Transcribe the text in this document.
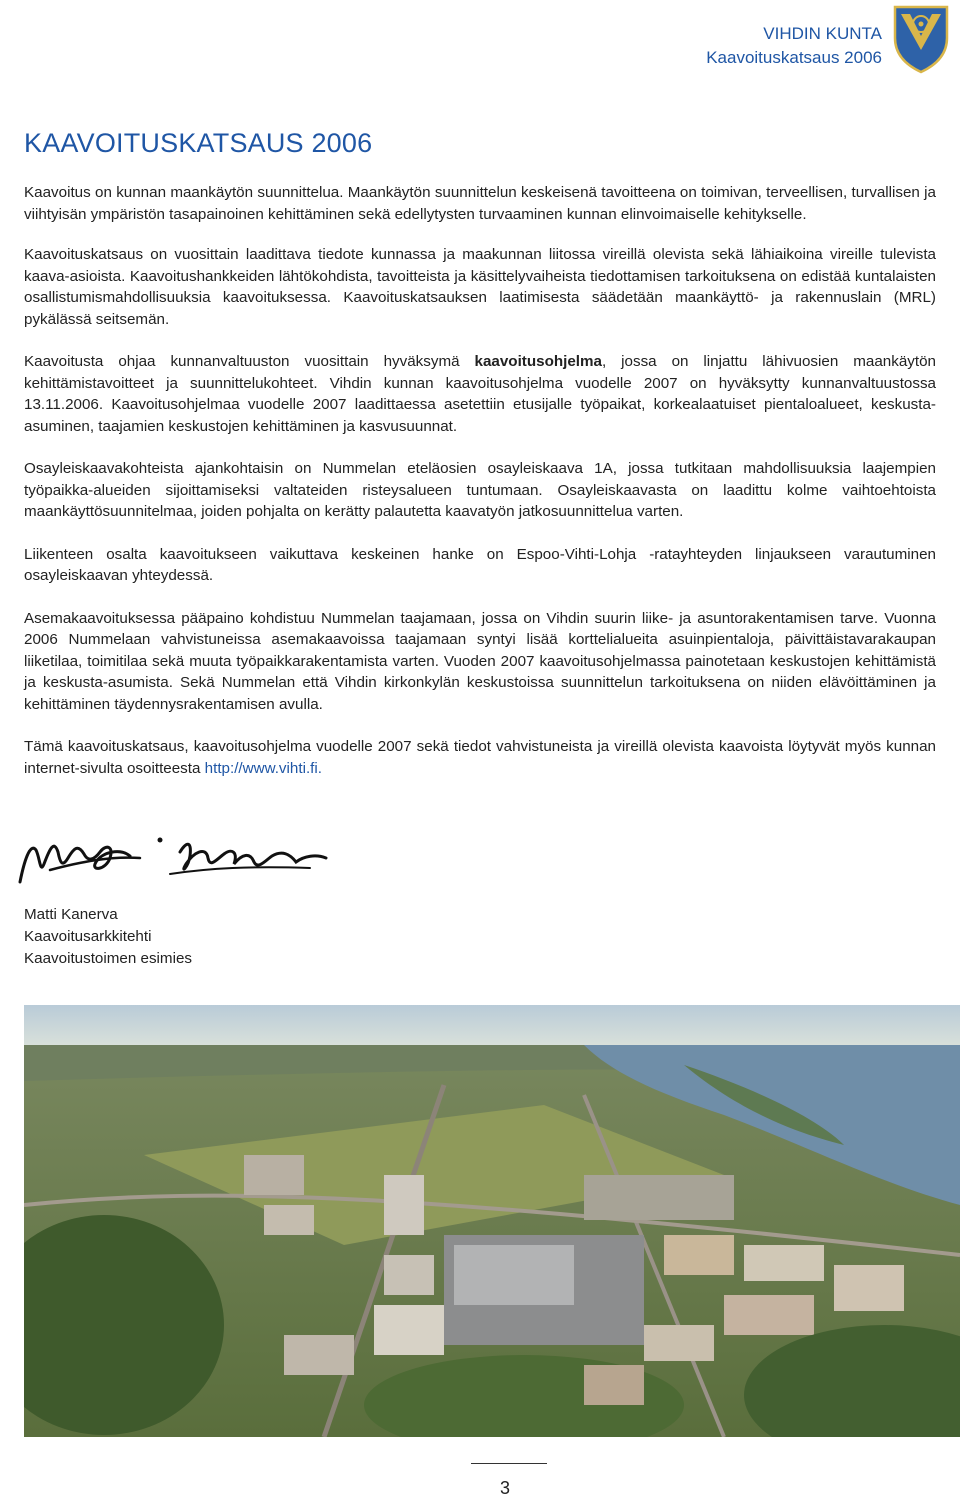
VIHDIN KUNTA
Kaavoituskatsaus 2006
KAAVOITUSKATSAUS 2006

Kaavoitus on kunnan maankäytön suunnittelua. Maankäytön suunnittelun keskeisenä tavoitteena on toimivan, terveellisen, turvallisen ja viihtyisän ympäristön tasapainoinen kehittäminen sekä edellytysten turvaaminen kunnan elinvoimaiselle kehitykselle.

Kaavoituskatsaus on vuosittain laadittava tiedote kunnassa ja maakunnan liitossa vireillä olevista sekä lähiaikoina vireille tulevista kaava-asioista. Kaavoitushankkeiden lähtökohdista, tavoitteista ja käsittelyvaiheista tiedottamisen tarkoituksena on edistää kuntalaisten osallistumismahdollisuuksia kaavoituksessa. Kaavoituskatsauksen laatimisesta säädetään maankäyttö- ja rakennuslain (MRL) pykälässä seitsemän.

Kaavoitusta ohjaa kunnanvaltuuston vuosittain hyväksymä kaavoitusohjelma, jossa on linjattu lähivuosien maankäytön kehittämistavoitteet ja suunnittelukohteet. Vihdin kunnan kaavoitusohjelma vuodelle 2007 on hyväksytty kunnanvaltuustossa 13.11.2006. Kaavoitusohjelmaa vuodelle 2007 laadittaessa asetettiin etusijalle työpaikat, korkealaatuiset pientaloalueet, keskusta-asuminen, taajamien keskustojen kehittäminen ja kasvusuunnat.

Osayleiskaavakohteista ajankohtaisin on Nummelan eteläosien osayleiskaava 1A, jossa tutkitaan mahdollisuuksia laajempien työpaikka-alueiden sijoittamiseksi valtateiden risteysalueen tuntumaan. Osayleiskaavasta on laadittu kolme vaihtoehtoista maankäyttösuunnitelmaa, joiden pohjalta on kerätty palautetta kaavatyön jatkosuunnittelua varten.

Liikenteen osalta kaavoitukseen vaikuttava keskeinen hanke on Espoo-Vihti-Lohja -ratayhteyden linjaukseen varautuminen osayleiskaavan yhteydessä.

Asemakaavoituksessa pääpaino kohdistuu Nummelan taajamaan, jossa on Vihdin suurin liike- ja asuntorakentamisen tarve. Vuonna 2006 Nummelaan vahvistuneissa asemakaavoissa taajamaan syntyi lisää korttelialueita asuinpientaloja, päivittäistavarakaupan liiketilaa, toimitilaa sekä muuta työpaikkarakentamista varten. Vuoden 2007 kaavoitusohjelmassa painotetaan keskustojen kehittämistä ja keskusta-asumista. Sekä Nummelan että Vihdin kirkonkylän keskustoissa suunnittelun tarkoituksena on niiden elävöittäminen ja kehittäminen täydennysrakentamisen avulla.

Tämä kaavoituskatsaus, kaavoitusohjelma vuodelle 2007 sekä tiedot vahvistuneista ja vireillä olevista kaavoista löytyvät myös kunnan internet-sivulta osoitteesta http://www.vihti.fi.

Matti Kanerva
Kaavoitusarkkitehti
Kaavoitustoimen esimies
3
